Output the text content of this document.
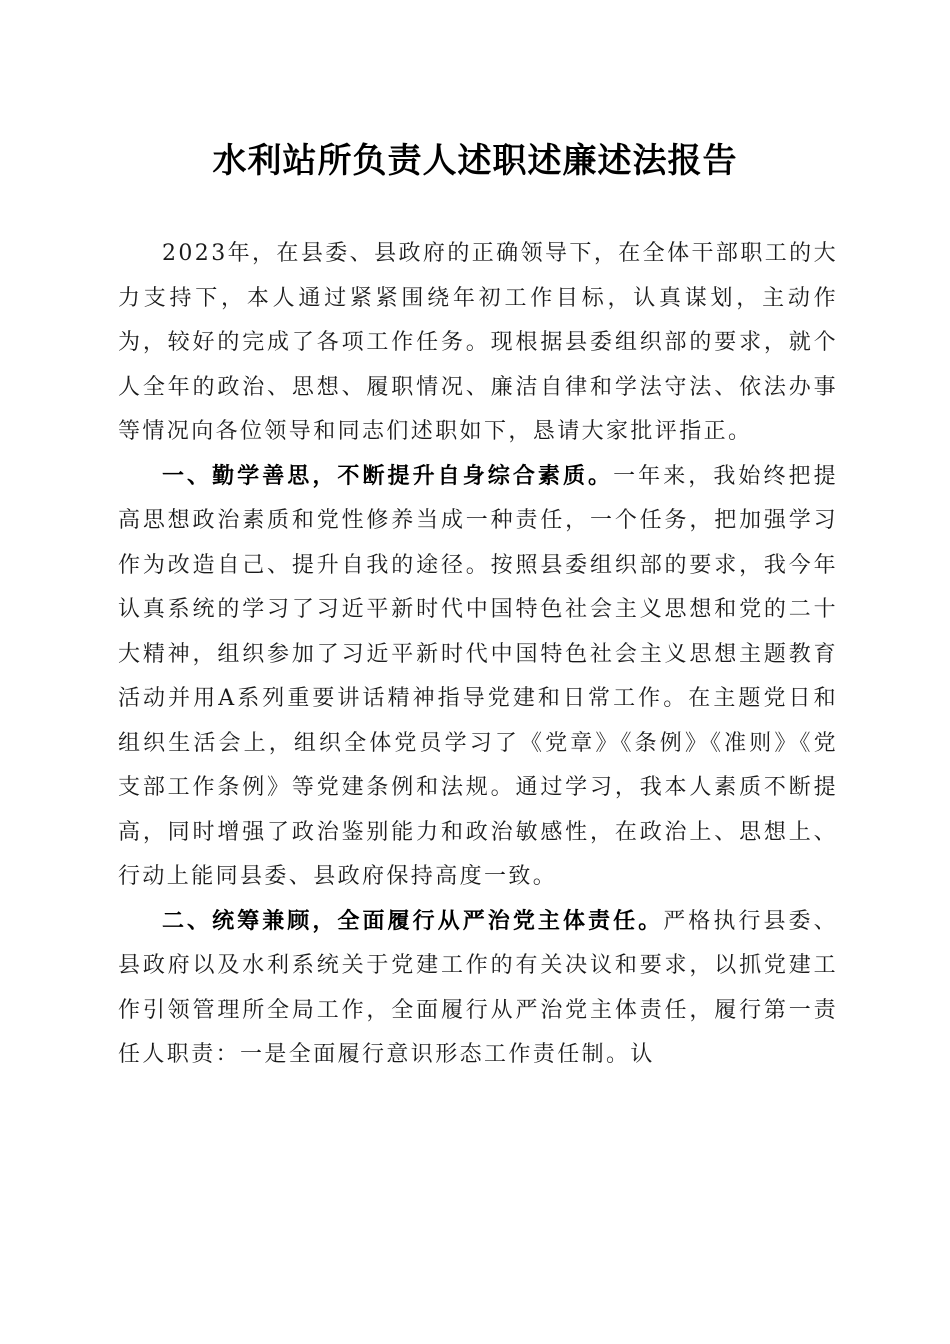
水利站所负责人述职述廉述法报告

2023年，在县委、县政府的正确领导下，在全体干部职工的大力支持下，本人通过紧紧围绕年初工作目标，认真谋划，主动作为，较好的完成了各项工作任务。现根据县委组织部的要求，就个人全年的政治、思想、履职情况、廉洁自律和学法守法、依法办事等情况向各位领导和同志们述职如下，恳请大家批评指正。

一、勤学善思，不断提升自身综合素质。一年来，我始终把提高思想政治素质和党性修养当成一种责任，一个任务，把加强学习作为改造自己、提升自我的途径。按照县委组织部的要求，我今年认真系统的学习了习近平新时代中国特色社会主义思想和党的二十大精神，组织参加了习近平新时代中国特色社会主义思想主题教育活动并用A系列重要讲话精神指导党建和日常工作。在主题党日和组织生活会上，组织全体党员学习了《党章》《条例》《准则》《党支部工作条例》等党建条例和法规。通过学习，我本人素质不断提高，同时增强了政治鉴别能力和政治敏感性，在政治上、思想上、行动上能同县委、县政府保持高度一致。

二、统筹兼顾，全面履行从严治党主体责任。严格执行县委、县政府以及水利系统关于党建工作的有关决议和要求，以抓党建工作引领管理所全局工作，全面履行从严治党主体责任，履行第一责任人职责：一是全面履行意识形态工作责任制。认
